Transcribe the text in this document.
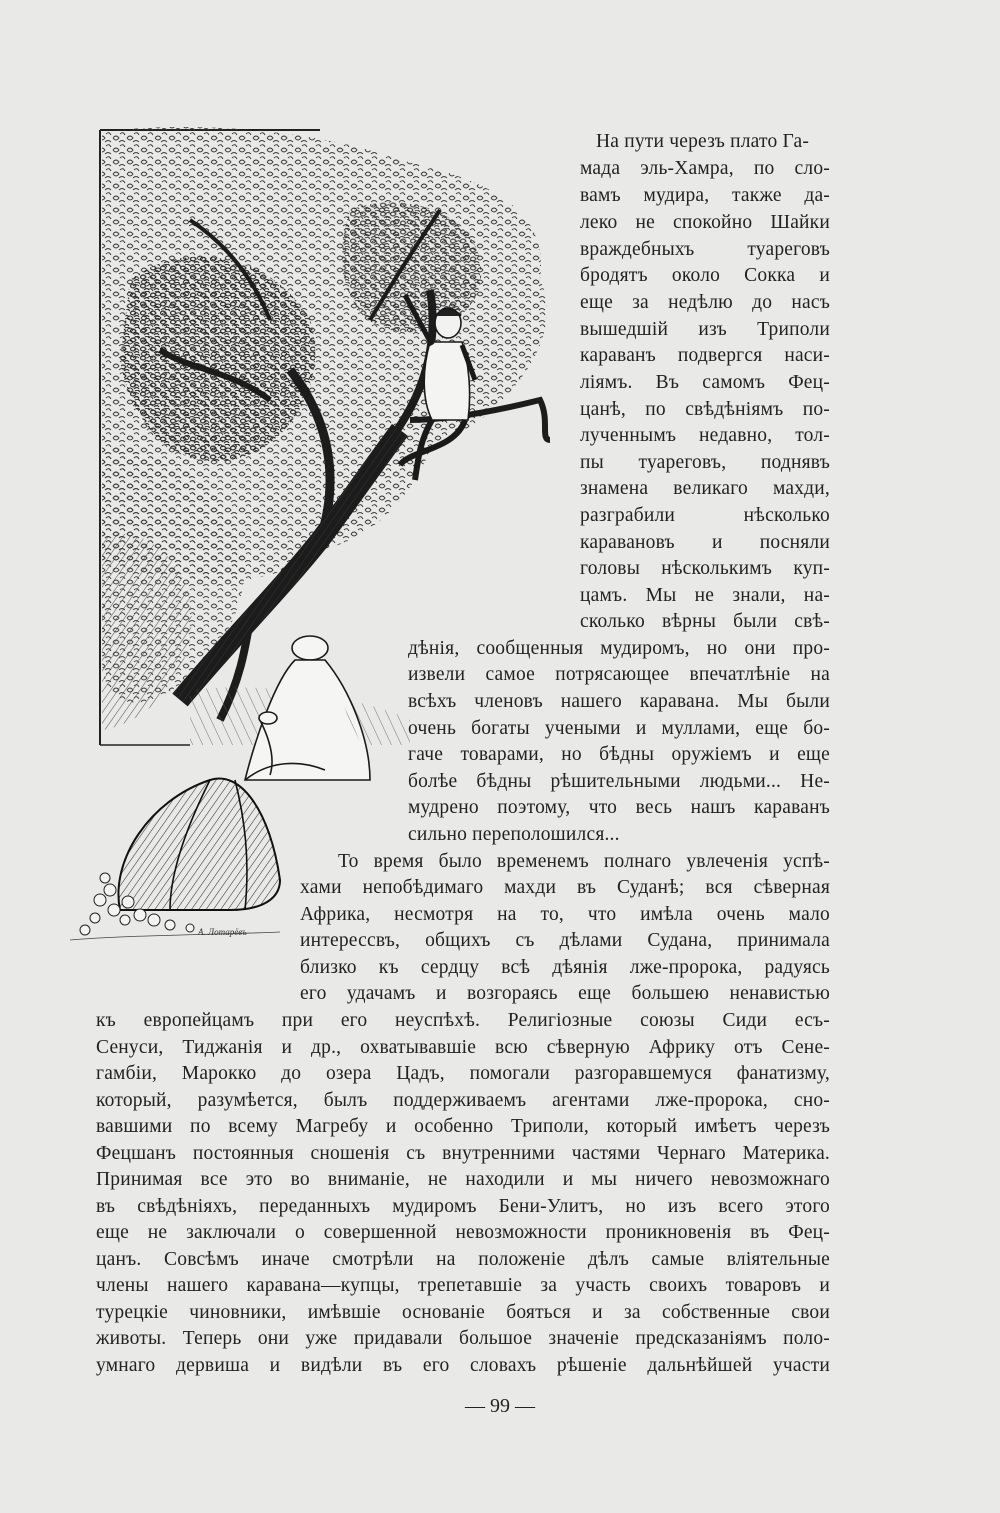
А. Лотарёвъ
На пути черезъ плато Га-
мада эль-Хамра, по сло-
вамъ мудира, также да-
леко не спокойно Шайки
враждебныхъ туареговъ
бродятъ около Сокка и
еще за недѣлю до насъ
вышедшій изъ Триполи
караванъ подвергся наси-
ліямъ. Въ самомъ Фец-
цанѣ, по свѣдѣніямъ по-
лученнымъ недавно, тол-
пы туареговъ, поднявъ
знамена великаго махди,
разграбили нѣсколько
каравановъ и посняли
головы нѣсколькимъ куп-
цамъ. Мы не знали, на-
сколько вѣрны были свѣ-
дѣнія, сообщенныя мудиромъ, но они про-
извели самое потрясающее впечатлѣніе на
всѣхъ членовъ нашего каравана. Мы были
очень богаты учеными и муллами, еще бо-
гаче товарами, но бѣдны оружіемъ и еще
болѣе бѣдны рѣшительными людьми... Не-
мудрено поэтому, что весь нашъ караванъ
сильно переполошился...
То время было временемъ полнаго увлеченія успѣ-
хами непобѣдимаго махди въ Суданѣ; вся сѣверная
Африка, несмотря на то, что имѣла очень мало
интерессвъ, общихъ съ дѣлами Судана, принимала
близко къ сердцу всѣ дѣянія лже-пророка, радуясь
его удачамъ и возгораясь еще большею ненавистью
къ европейцамъ при его неуспѣхѣ. Религіозные союзы Сиди есъ-
Сенуси, Тиджанія и др., охватывавшіе всю сѣверную Африку отъ Сене-
гамбіи, Марокко до озера Цадъ, помогали разгоравшемуся фанатизму,
который, разумѣется, былъ поддерживаемъ агентами лже-пророка, сно-
вавшими по всему Магребу и особенно Триполи, который имѣетъ черезъ
Фецшанъ постоянныя сношенія съ внутренними частями Чернаго Материка.
Принимая все это во вниманіе, не находили и мы ничего невозможнаго
въ свѣдѣніяхъ, переданныхъ мудиромъ Бени-Улитъ, но изъ всего этого
еще не заключали о совершенной невозможности проникновенія въ Фец-
цанъ. Совсѣмъ иначе смотрѣли на положеніе дѣлъ самые вліятельные
члены нашего каравана—купцы, трепетавшіе за участь своихъ товаровъ и
турецкіе чиновники, имѣвшіе основаніе бояться и за собственные свои
животы. Теперь они уже придавали большое значеніе предсказаніямъ поло-
умнаго дервиша и видѣли въ его словахъ рѣшеніе дальнѣйшей участи
— 99 —
